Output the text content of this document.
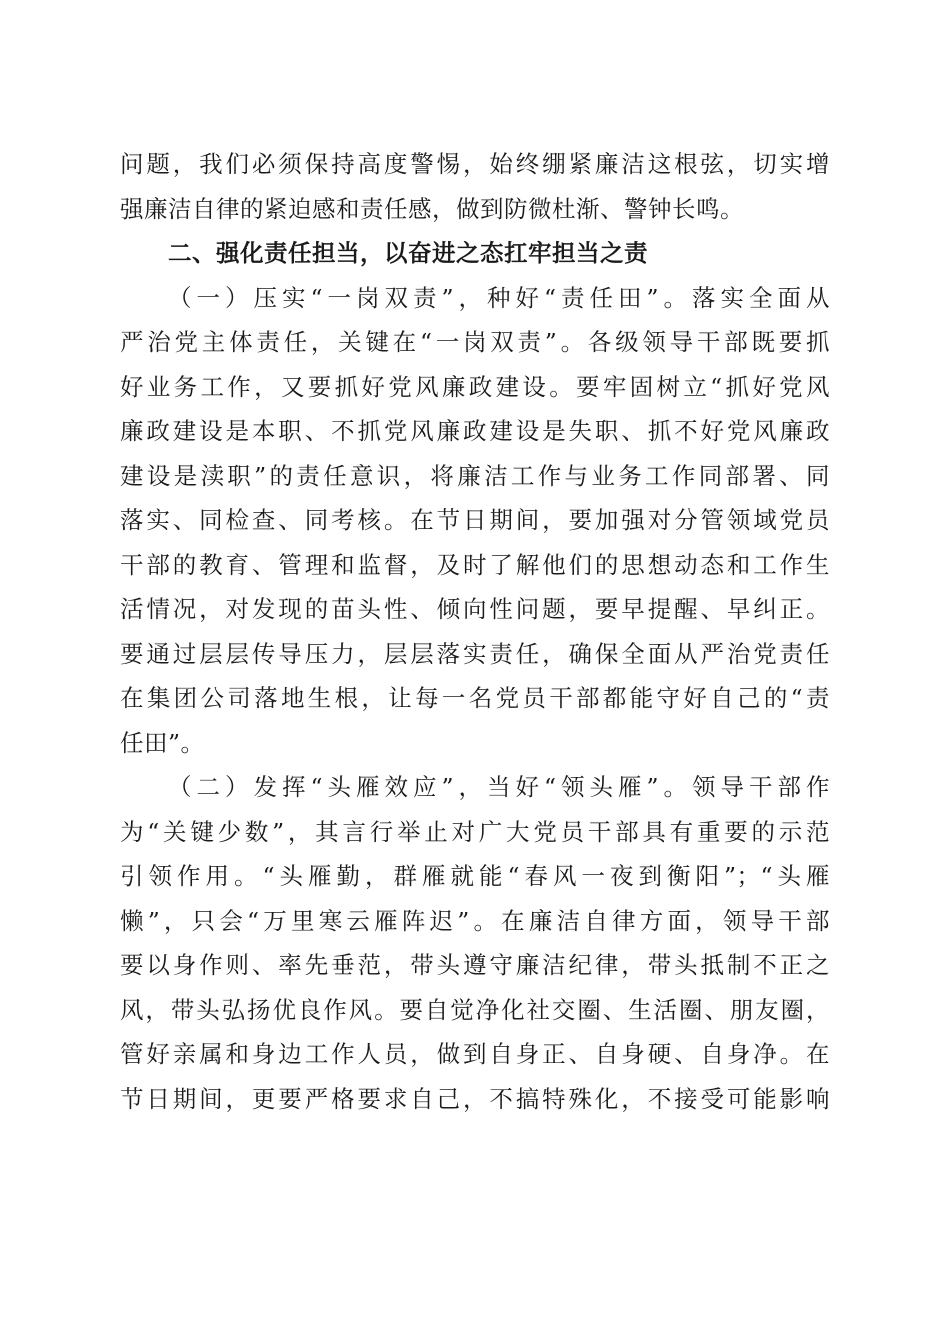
问题，我们必须保持高度警惕，始终绷紧廉洁这根弦，切实增
强廉洁自律的紧迫感和责任感，做到防微杜渐、警钟长鸣。
二、强化责任担当，以奋进之态扛牢担当之责
（一）压实“一岗双责”，种好“责任田”。落实全面从
严治党主体责任，关键在“一岗双责”。各级领导干部既要抓
好业务工作，又要抓好党风廉政建设。要牢固树立“抓好党风
廉政建设是本职、不抓党风廉政建设是失职、抓不好党风廉政
建设是渎职”的责任意识，将廉洁工作与业务工作同部署、同
落实、同检查、同考核。在节日期间，要加强对分管领域党员
干部的教育、管理和监督，及时了解他们的思想动态和工作生
活情况，对发现的苗头性、倾向性问题，要早提醒、早纠正。
要通过层层传导压力，层层落实责任，确保全面从严治党责任
在集团公司落地生根，让每一名党员干部都能守好自己的“责
任田”。
（二）发挥“头雁效应”，当好“领头雁”。领导干部作
为“关键少数”，其言行举止对广大党员干部具有重要的示范
引领作用。“头雁勤，群雁就能“春风一夜到衡阳”；“头雁
懒”，只会“万里寒云雁阵迟”。在廉洁自律方面，领导干部
要以身作则、率先垂范，带头遵守廉洁纪律，带头抵制不正之
风，带头弘扬优良作风。要自觉净化社交圈、生活圈、朋友圈，
管好亲属和身边工作人员，做到自身正、自身硬、自身净。在
节日期间，更要严格要求自己，不搞特殊化，不接受可能影响
